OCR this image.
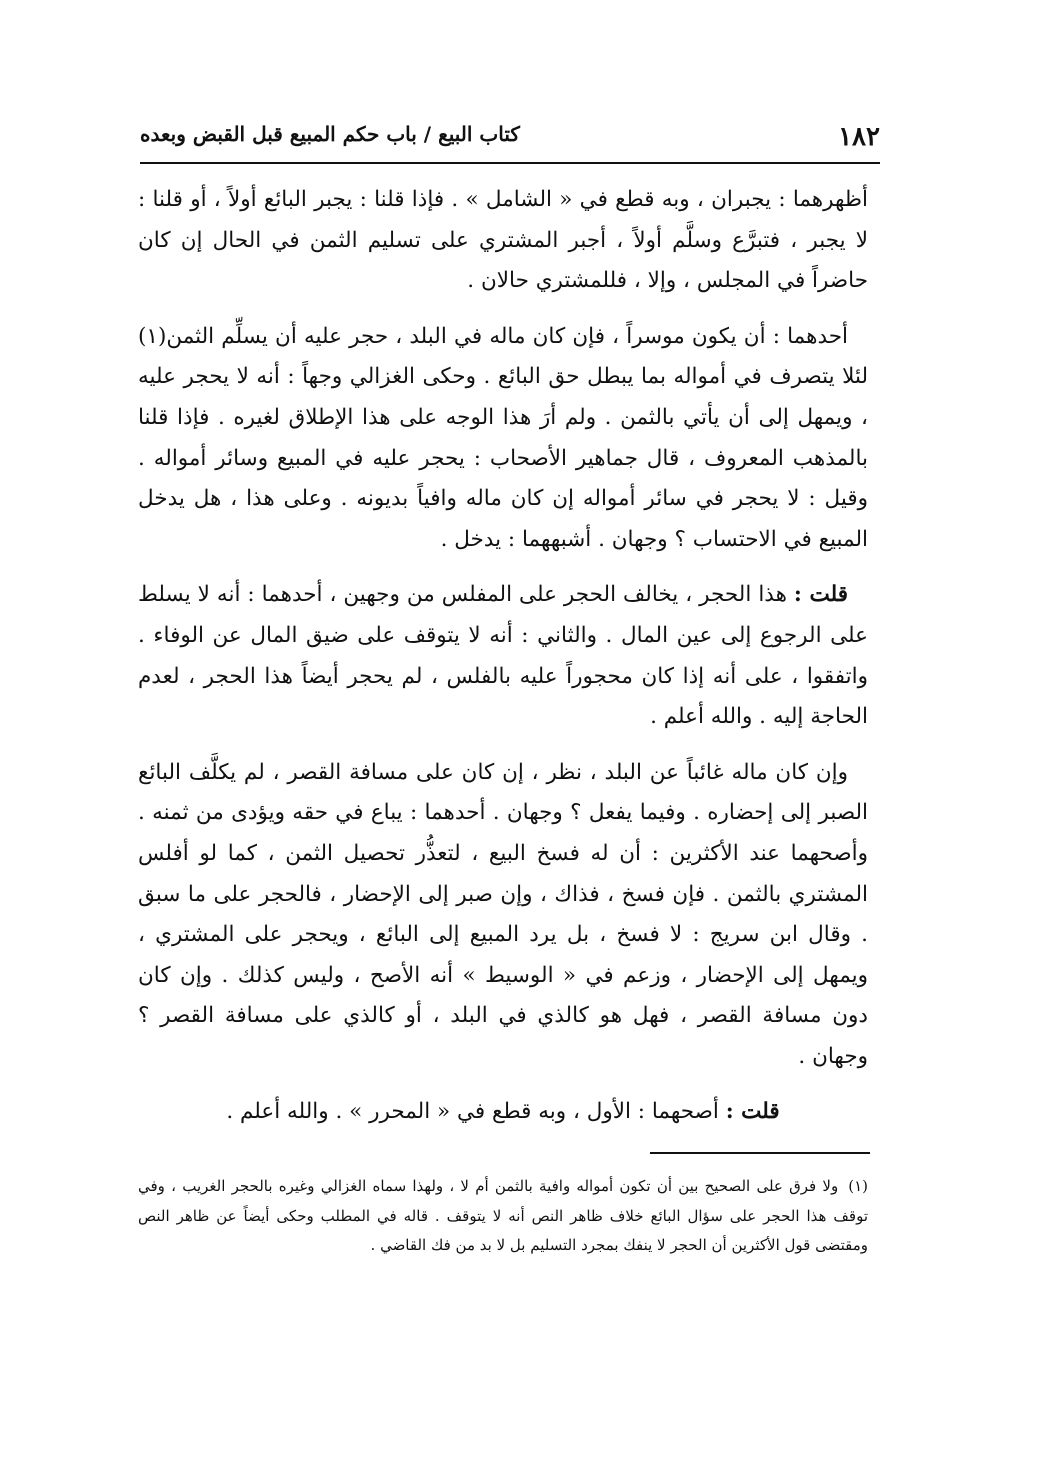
١٨٢
كتاب البيع / باب حكم المبيع قبل القبض وبعده

أظهرهما : يجبران ، وبه قطع في « الشامل » . فإذا قلنا : يجبر البائع أولاً ، أو قلنا : لا يجبر ، فتبرَّع وسلَّم أولاً ، أجبر المشتري على تسليم الثمن في الحال إن كان حاضراً في المجلس ، وإلا ، فللمشتري حالان .

أحدهما : أن يكون موسراً ، فإن كان ماله في البلد ، حجر عليه أن يسلِّم الثمن(١) لئلا يتصرف في أمواله بما يبطل حق البائع . وحكى الغزالي وجهاً : أنه لا يحجر عليه ، ويمهل إلى أن يأتي بالثمن . ولم أرَ هذا الوجه على هذا الإطلاق لغيره . فإذا قلنا بالمذهب المعروف ، قال جماهير الأصحاب : يحجر عليه في المبيع وسائر أمواله . وقيل : لا يحجر في سائر أمواله إن كان ماله وافياً بديونه . وعلى هذا ، هل يدخل المبيع في الاحتساب ؟ وجهان . أشبههما : يدخل .

قلت : هذا الحجر ، يخالف الحجر على المفلس من وجهين ، أحدهما : أنه لا يسلط على الرجوع إلى عين المال . والثاني : أنه لا يتوقف على ضيق المال عن الوفاء . واتفقوا ، على أنه إذا كان محجوراً عليه بالفلس ، لم يحجر أيضاً هذا الحجر ، لعدم الحاجة إليه . والله أعلم .

وإن كان ماله غائباً عن البلد ، نظر ، إن كان على مسافة القصر ، لم يكلَّف البائع الصبر إلى إحضاره . وفيما يفعل ؟ وجهان . أحدهما : يباع في حقه ويؤدى من ثمنه . وأصحهما عند الأكثرين : أن له فسخ البيع ، لتعذُّر تحصيل الثمن ، كما لو أفلس المشتري بالثمن . فإن فسخ ، فذاك ، وإن صبر إلى الإحضار ، فالحجر على ما سبق . وقال ابن سريج : لا فسخ ، بل يرد المبيع إلى البائع ، ويحجر على المشتري ، ويمهل إلى الإحضار ، وزعم في « الوسيط » أنه الأصح ، وليس كذلك . وإن كان دون مسافة القصر ، فهل هو كالذي في البلد ، أو كالذي على مسافة القصر ؟ وجهان .

قلت : أصحهما : الأول ، وبه قطع في « المحرر » . والله أعلم .

(١)ولا فرق على الصحيح بين أن تكون أمواله وافية بالثمن أم لا ، ولهذا سماه الغزالي وغيره بالحجر الغريب ، وفي توقف هذا الحجر على سؤال البائع خلاف ظاهر النص أنه لا يتوقف . قاله في المطلب وحكى أيضاً عن ظاهر النص ومقتضى قول الأكثرين أن الحجر لا ينفك بمجرد التسليم بل لا بد من فك القاضي .
